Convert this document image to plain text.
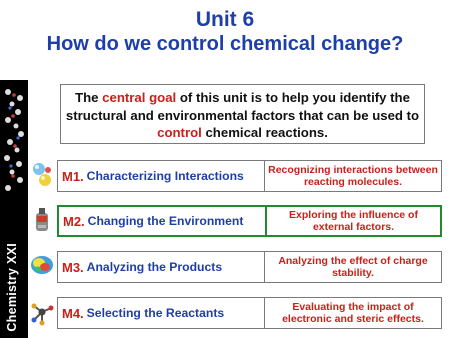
Chemistry XXI
Unit 6
How do we control chemical change?
The central goal of this unit is to help you identify the structural and environmental factors that can be used to control chemical reactions.
M1. Characterizing Interactions	Recognizing interactions between reacting molecules.
M2. Changing the Environment	Exploring the influence of external factors.
M3. Analyzing the Products	Analyzing the effect of charge stability.
M4. Selecting the Reactants	Evaluating the impact of electronic and steric effects.
